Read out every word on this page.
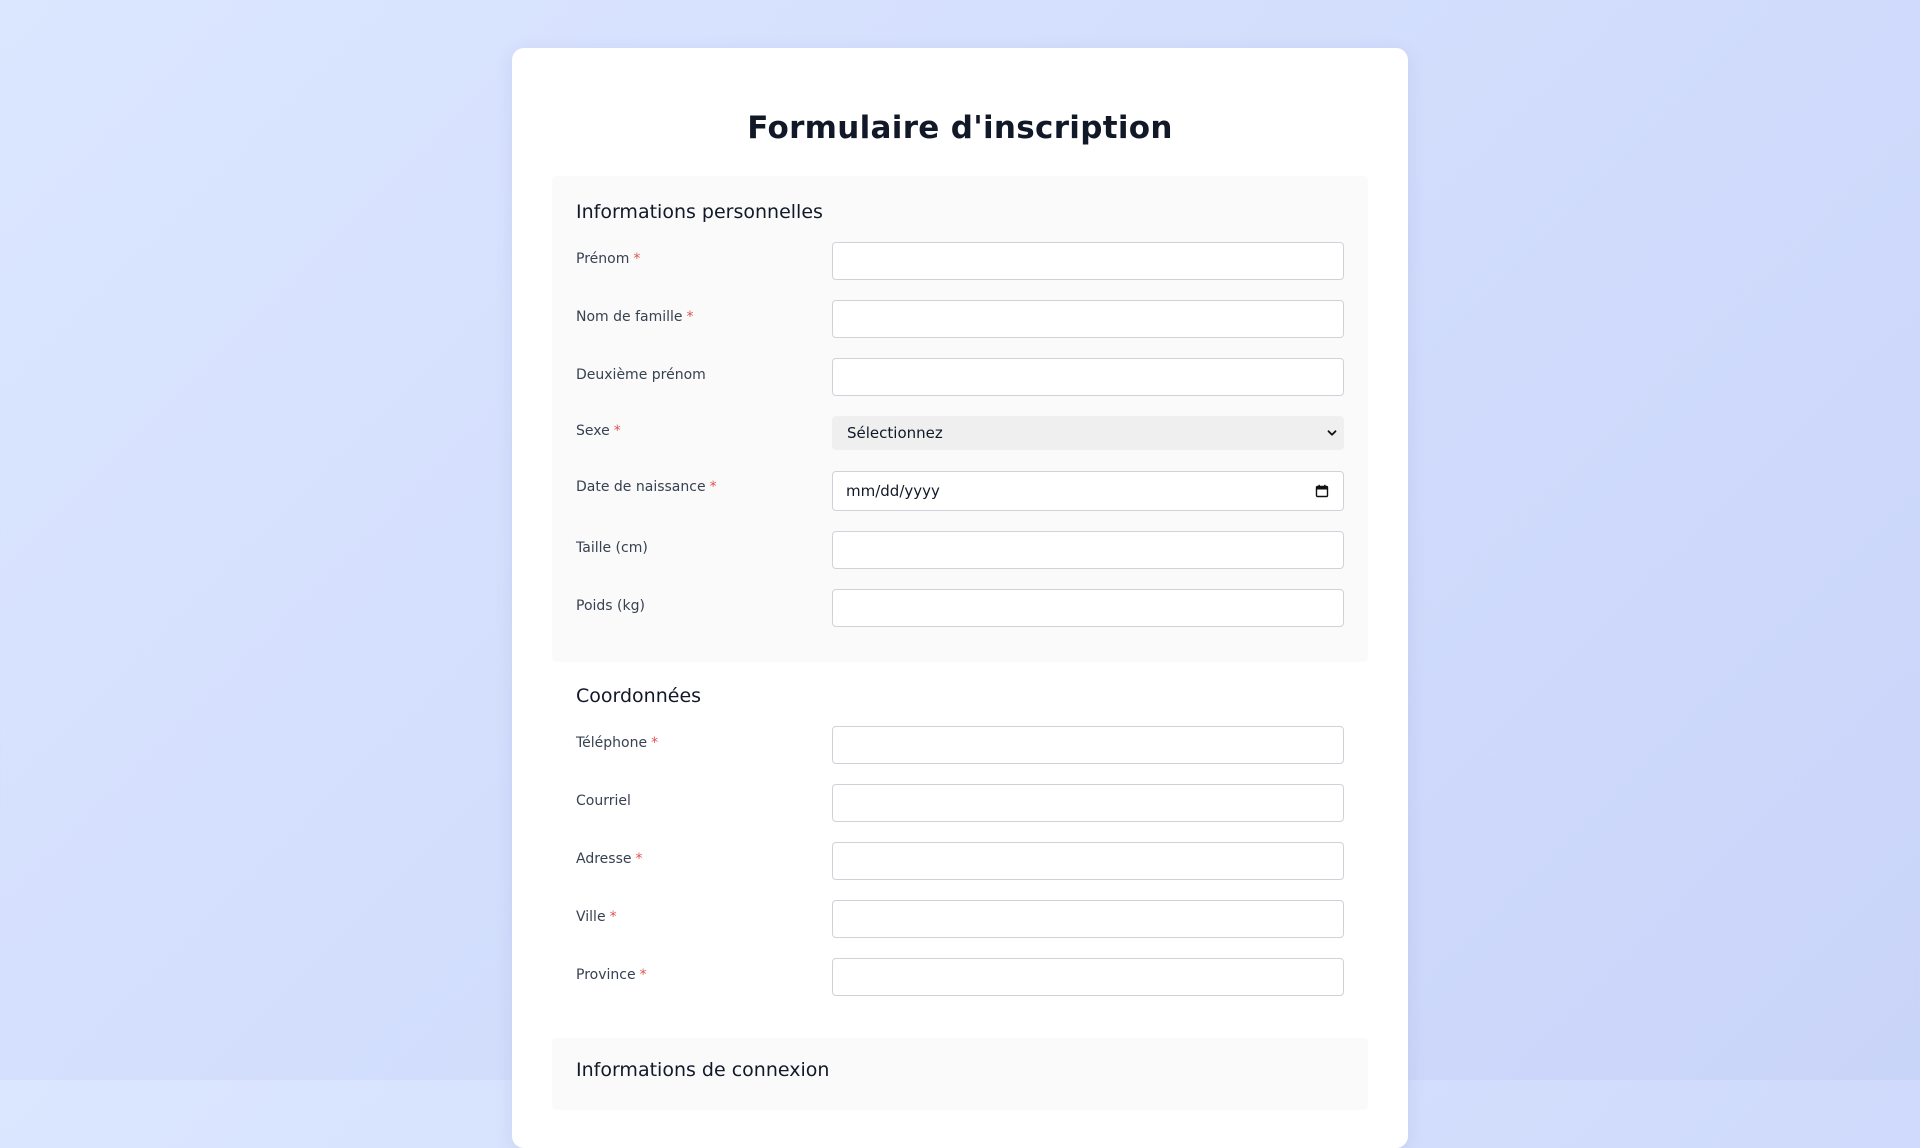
Formulaire d'inscription
Informations personnelles
Prénom *
Nom de famille *
Deuxième prénom
Sexe *	Sélectionnez
Date de naissance *	mm/dd/yyyy
Taille (cm)
Poids (kg)
Coordonnées
Téléphone *
Courriel
Adresse *
Ville *
Province *
Informations de connexion
